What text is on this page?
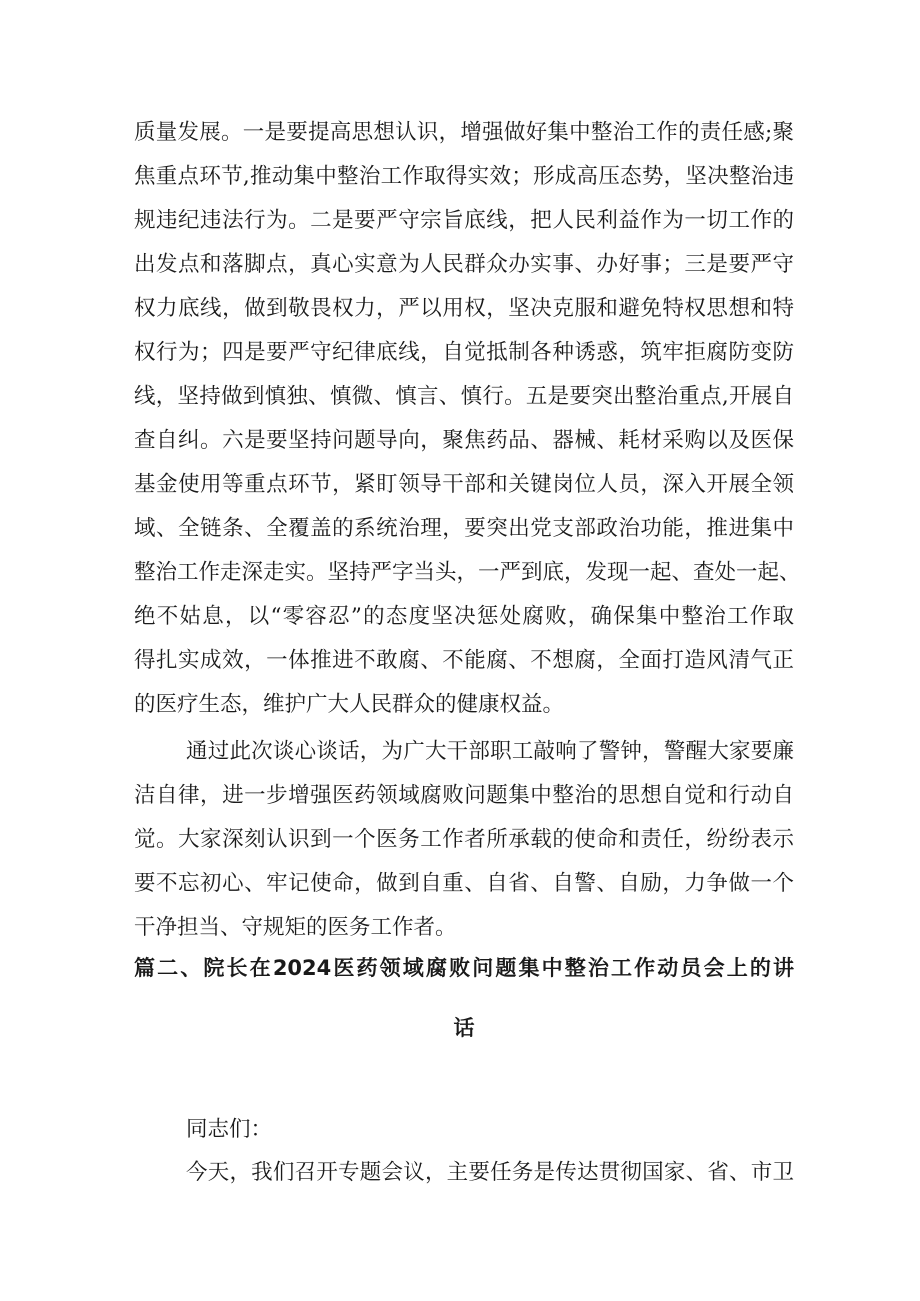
质量发展。一是要提高思想认识，增强做好集中整治工作的责任感;聚
焦重点环节,推动集中整治工作取得实效；形成高压态势，坚决整治违
规违纪违法行为。二是要严守宗旨底线，把人民利益作为一切工作的
出发点和落脚点，真心实意为人民群众办实事、办好事；三是要严守
权力底线，做到敬畏权力，严以用权，坚决克服和避免特权思想和特
权行为；四是要严守纪律底线，自觉抵制各种诱惑，筑牢拒腐防变防
线，坚持做到慎独、慎微、慎言、慎行。五是要突出整治重点,开展自
查自纠。六是要坚持问题导向，聚焦药品、器械、耗材采购以及医保
基金使用等重点环节，紧盯领导干部和关键岗位人员，深入开展全领
域、全链条、全覆盖的系统治理，要突出党支部政治功能，推进集中
整治工作走深走实。坚持严字当头，一严到底，发现一起、查处一起、
绝不姑息，以“零容忍”的态度坚决惩处腐败，确保集中整治工作取
得扎实成效，一体推进不敢腐、不能腐、不想腐，全面打造风清气正
的医疗生态，维护广大人民群众的健康权益。
通过此次谈心谈话，为广大干部职工敲响了警钟，警醒大家要廉
洁自律，进一步增强医药领域腐败问题集中整治的思想自觉和行动自
觉。大家深刻认识到一个医务工作者所承载的使命和责任，纷纷表示
要不忘初心、牢记使命，做到自重、自省、自警、自励，力争做一个
干净担当、守规矩的医务工作者。
篇二、院长在2024医药领域腐败问题集中整治工作动员会上的讲
话
同志们：
今天，我们召开专题会议，主要任务是传达贯彻国家、省、市卫
